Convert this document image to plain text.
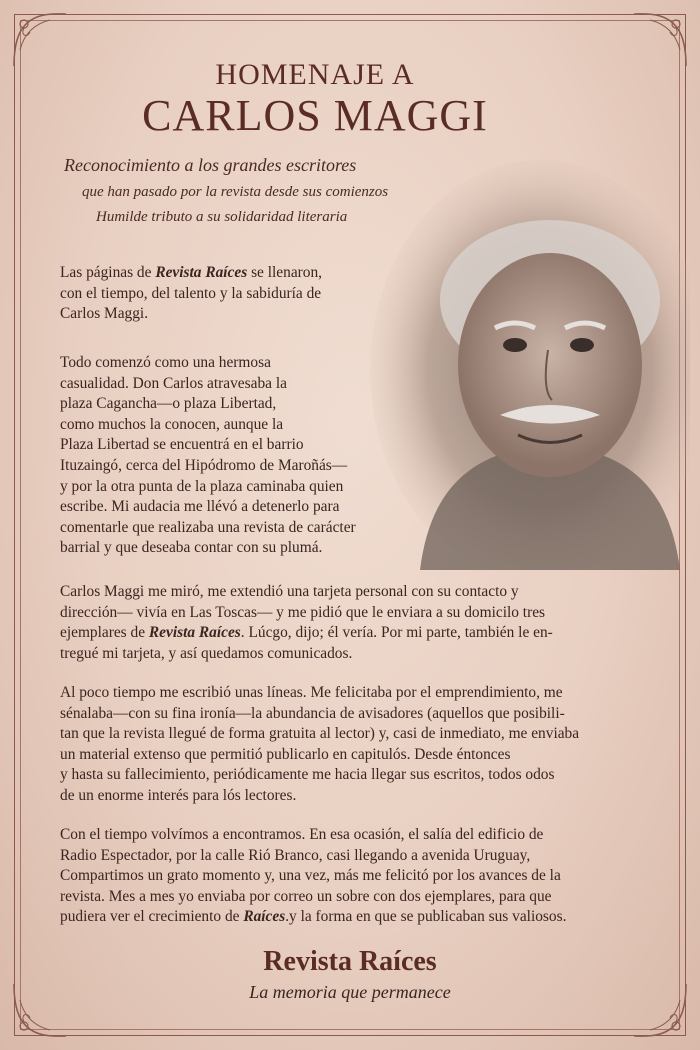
HOMENAJE A
CARLOS MAGGI
Reconocimiento a los grandes escritores
que han pasado por la revista desde sus comienzos
Humilde tributo a su solidaridad literaria
Las páginas de Revista Raíces se llenaron,
con el tiempo, del talento y la sabiduría de
Carlos Maggi.
Todo comenzó como una hermosa
casualidad. Don Carlos atravesaba la
plaza Cagancha—o plaza Libertad,
como muchos la conocen, aunque la
Plaza Libertad se encuentrá en el barrio
Ituzaingó, cerca del Hipódromo de Maroñás—
y por la otra punta de la plaza caminaba quien
escribe. Mi audacia me llévó a detenerlo para
comentarle que realizaba una revista de carácter
barrial y que deseaba contar con su plumá.
Carlos Maggi me miró, me extendió una tarjeta personal con su contacto y
dirección— vivía en Las Toscas— y me pidió que le enviara a su domicilo tres
ejemplares de Revista Raíces. Lúcgo, dijo; él vería. Por mi parte, también le en-
tregué mi tarjeta, y así quedamos comunicados.
Al poco tiempo me escribió unas líneas. Me felicitaba por el emprendimiento, me
sénalaba—con su fina ironía—la abundancia de avisadores (aquellos que posibili-
tan que la revista llegué de forma gratuita al lector) y, casi de inmediato, me enviaba
un material extenso que permitió publicarlo en capitulós. Desde éntonces
y hasta su fallecimiento, periódicamente me hacia llegar sus escritos, todos odos
de un enorme interés para lós lectores.
Con el tiempo volvímos a encontramos. En esa ocasión, el salía del edificio de
Radio Espectador, por la calle Rió Branco, casi llegando a avenida Uruguay,
Compartimos un grato momento y, una vez, más me felicitó por los avances de la
revista. Mes a mes yo enviaba por correo un sobre con dos ejemplares, para que
pudiera ver el crecimiento de Raíces.y la forma en que se publicaban sus valiosos.
Revista Raíces
La memoria que permanece
